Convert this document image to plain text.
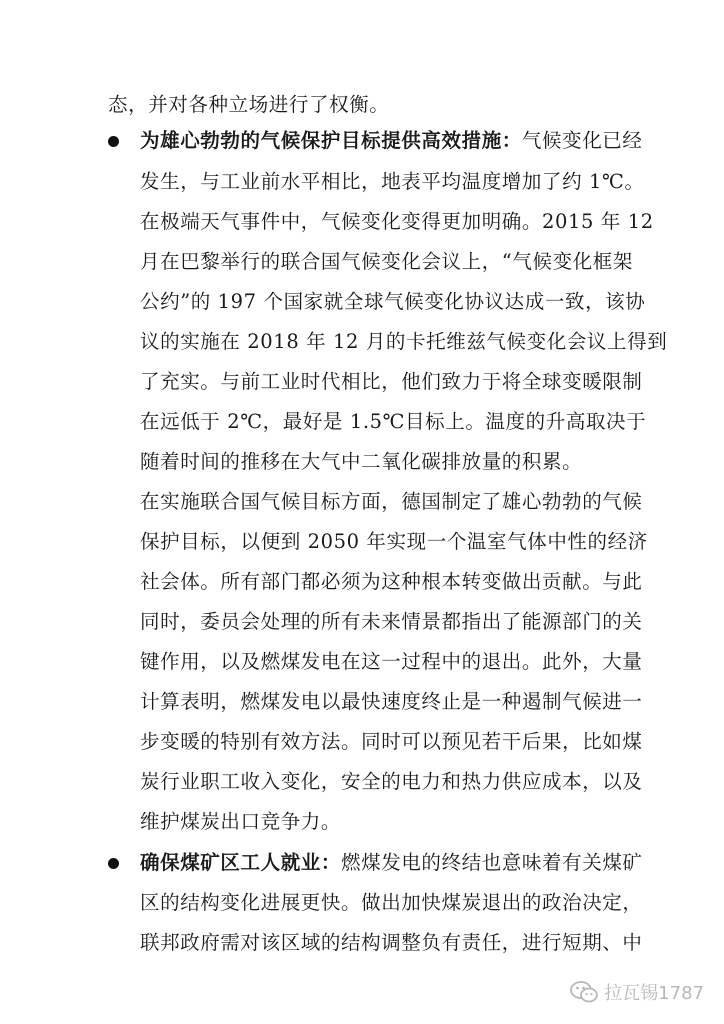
态，并对各种立场进行了权衡。
为雄心勃勃的气候保护目标提供高效措施：气候变化已经
发生，与工业前水平相比，地表平均温度增加了约 1℃。
在极端天气事件中，气候变化变得更加明确。2015 年 12
月在巴黎举行的联合国气候变化会议上，“气候变化框架
公约”的 197 个国家就全球气候变化协议达成一致，该协
议的实施在 2018 年 12 月的卡托维兹气候变化会议上得到
了充实。与前工业时代相比，他们致力于将全球变暖限制
在远低于 2℃，最好是 1.5℃目标上。温度的升高取决于
随着时间的推移在大气中二氧化碳排放量的积累。
在实施联合国气候目标方面，德国制定了雄心勃勃的气候
保护目标，以便到 2050 年实现一个温室气体中性的经济
社会体。所有部门都必须为这种根本转变做出贡献。与此
同时，委员会处理的所有未来情景都指出了能源部门的关
键作用，以及燃煤发电在这一过程中的退出。此外，大量
计算表明，燃煤发电以最快速度终止是一种遏制气候进一
步变暖的特别有效方法。同时可以预见若干后果，比如煤
炭行业职工收入变化，安全的电力和热力供应成本，以及
维护煤炭出口竞争力。
确保煤矿区工人就业：燃煤发电的终结也意味着有关煤矿
区的结构变化进展更快。做出加快煤炭退出的政治决定，
联邦政府需对该区域的结构调整负有责任，进行短期、中
拉瓦锡1787
